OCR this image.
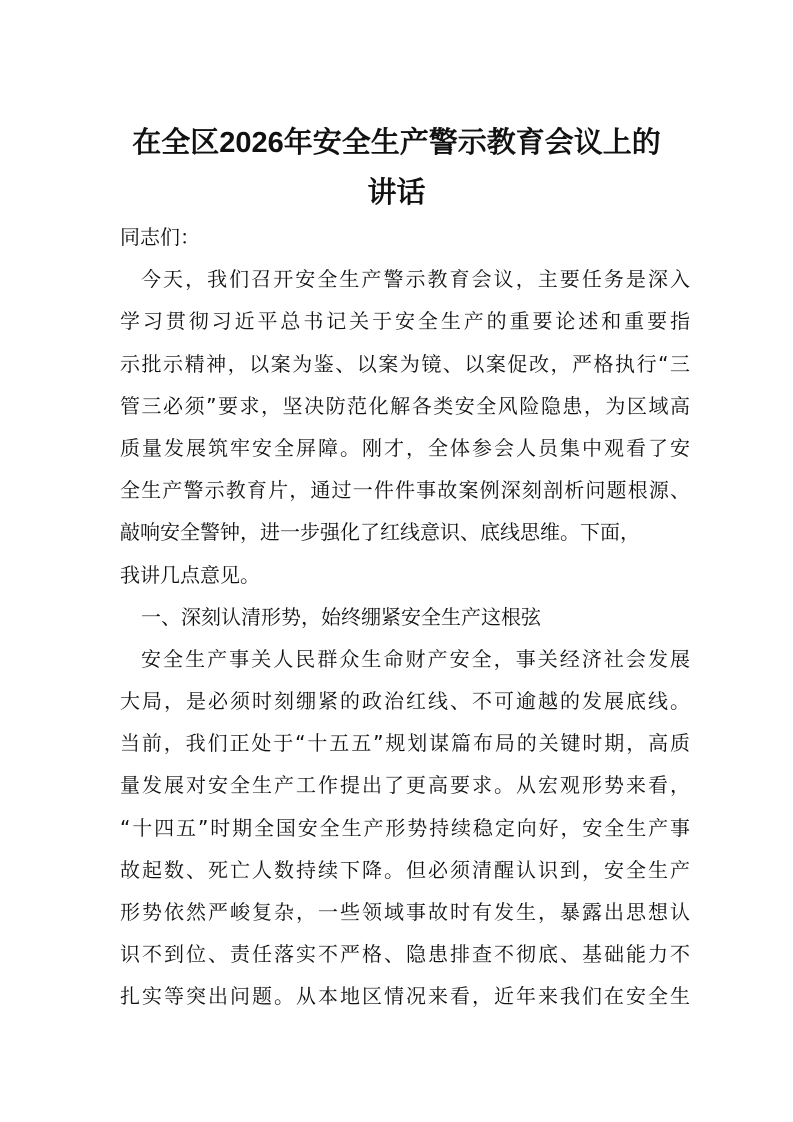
在全区2026年安全生产警示教育会议上的
讲话
同志们：
今天，我们召开安全生产警示教育会议，主要任务是深入
学习贯彻习近平总书记关于安全生产的重要论述和重要指
示批示精神，以案为鉴、以案为镜、以案促改，严格执行“三
管三必须”要求，坚决防范化解各类安全风险隐患，为区域高
质量发展筑牢安全屏障。刚才，全体参会人员集中观看了安
全生产警示教育片，通过一件件事故案例深刻剖析问题根源、
敲响安全警钟，进一步强化了红线意识、底线思维。下面，
我讲几点意见。
一、深刻认清形势，始终绷紧安全生产这根弦
安全生产事关人民群众生命财产安全，事关经济社会发展
大局，是必须时刻绷紧的政治红线、不可逾越的发展底线。
当前，我们正处于“十五五”规划谋篇布局的关键时期，高质
量发展对安全生产工作提出了更高要求。从宏观形势来看，
“十四五”时期全国安全生产形势持续稳定向好，安全生产事
故起数、死亡人数持续下降。但必须清醒认识到，安全生产
形势依然严峻复杂，一些领域事故时有发生，暴露出思想认
识不到位、责任落实不严格、隐患排查不彻底、基础能力不
扎实等突出问题。从本地区情况来看，近年来我们在安全生
